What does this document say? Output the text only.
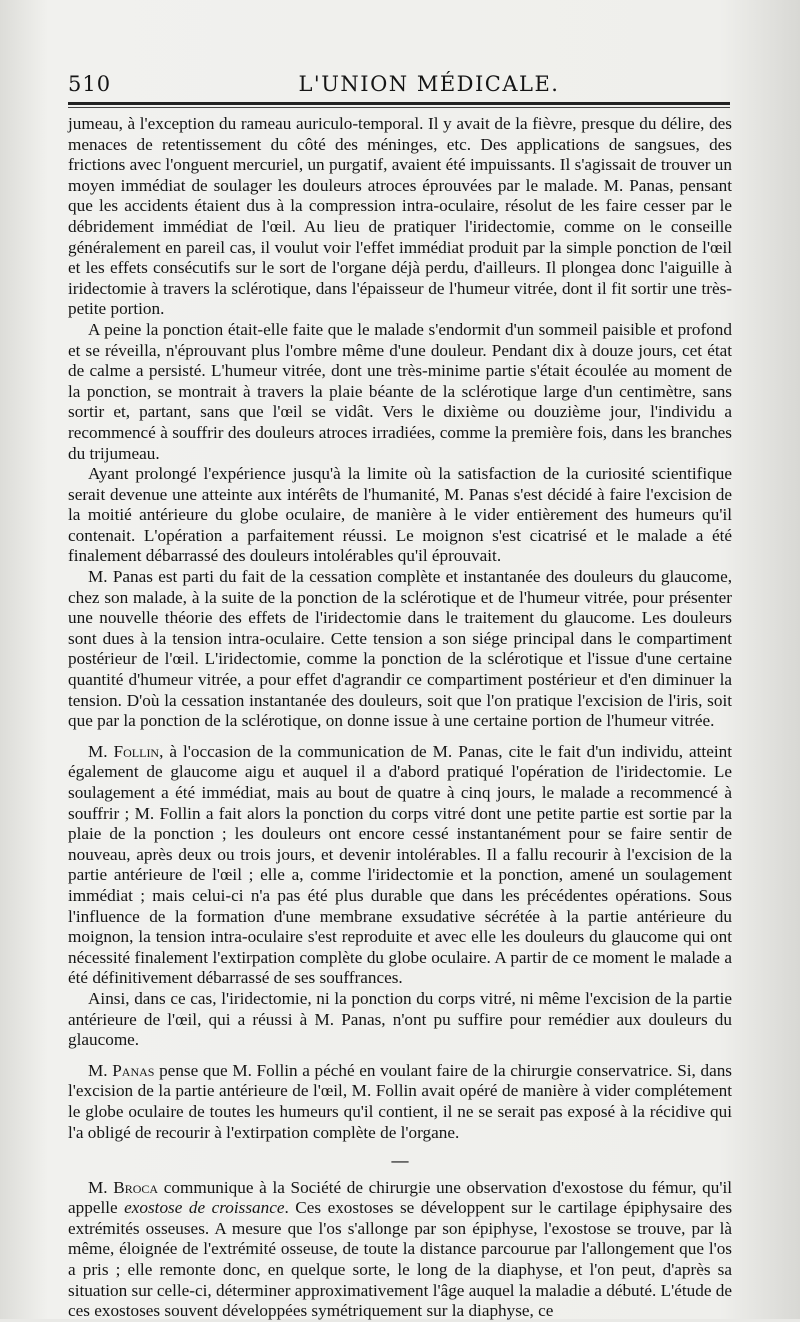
510	L'UNION MÉDICALE.

jumeau, à l'exception du rameau auriculo-temporal. Il y avait de la fièvre, presque du délire, des menaces de retentissement du côté des méninges, etc. Des applications de sangsues, des frictions avec l'onguent mercuriel, un purgatif, avaient été impuissants. Il s'agissait de trouver un moyen immédiat de soulager les douleurs atroces éprouvées par le malade. M. Panas, pensant que les accidents étaient dus à la compression intra-oculaire, résolut de les faire cesser par le débridement immédiat de l'œil. Au lieu de pratiquer l'iridectomie, comme on le conseille généralement en pareil cas, il voulut voir l'effet immédiat produit par la simple ponction de l'œil et les effets consécutifs sur le sort de l'organe déjà perdu, d'ailleurs. Il plongea donc l'aiguille à iridectomie à travers la sclérotique, dans l'épaisseur de l'humeur vitrée, dont il fit sortir une très-petite portion.

A peine la ponction était-elle faite que le malade s'endormit d'un sommeil paisible et profond et se réveilla, n'éprouvant plus l'ombre même d'une douleur. Pendant dix à douze jours, cet état de calme a persisté. L'humeur vitrée, dont une très-minime partie s'était écoulée au moment de la ponction, se montrait à travers la plaie béante de la sclérotique large d'un centimètre, sans sortir et, partant, sans que l'œil se vidât. Vers le dixième ou douzième jour, l'individu a recommencé à souffrir des douleurs atroces irradiées, comme la première fois, dans les branches du trijumeau.

Ayant prolongé l'expérience jusqu'à la limite où la satisfaction de la curiosité scientifique serait devenue une atteinte aux intérêts de l'humanité, M. Panas s'est décidé à faire l'excision de la moitié antérieure du globe oculaire, de manière à le vider entièrement des humeurs qu'il contenait. L'opération a parfaitement réussi. Le moignon s'est cicatrisé et le malade a été finalement débarrassé des douleurs intolérables qu'il éprouvait.

M. Panas est parti du fait de la cessation complète et instantanée des douleurs du glaucome, chez son malade, à la suite de la ponction de la sclérotique et de l'humeur vitrée, pour présenter une nouvelle théorie des effets de l'iridectomie dans le traitement du glaucome. Les douleurs sont dues à la tension intra-oculaire. Cette tension a son siége principal dans le compartiment postérieur de l'œil. L'iridectomie, comme la ponction de la sclérotique et l'issue d'une certaine quantité d'humeur vitrée, a pour effet d'agrandir ce compartiment postérieur et d'en diminuer la tension. D'où la cessation instantanée des douleurs, soit que l'on pratique l'excision de l'iris, soit que par la ponction de la sclérotique, on donne issue à une certaine portion de l'humeur vitrée.

M. Follin, à l'occasion de la communication de M. Panas, cite le fait d'un individu, atteint également de glaucome aigu et auquel il a d'abord pratiqué l'opération de l'iridectomie. Le soulagement a été immédiat, mais au bout de quatre à cinq jours, le malade a recommencé à souffrir ; M. Follin a fait alors la ponction du corps vitré dont une petite partie est sortie par la plaie de la ponction ; les douleurs ont encore cessé instantanément pour se faire sentir de nouveau, après deux ou trois jours, et devenir intolérables. Il a fallu recourir à l'excision de la partie antérieure de l'œil ; elle a, comme l'iridectomie et la ponction, amené un soulagement immédiat ; mais celui-ci n'a pas été plus durable que dans les précédentes opérations. Sous l'influence de la formation d'une membrane exsudative sécrétée à la partie antérieure du moignon, la tension intra-oculaire s'est reproduite et avec elle les douleurs du glaucome qui ont nécessité finalement l'extirpation complète du globe oculaire. A partir de ce moment le malade a été définitivement débarrassé de ses souffrances.

Ainsi, dans ce cas, l'iridectomie, ni la ponction du corps vitré, ni même l'excision de la partie antérieure de l'œil, qui a réussi à M. Panas, n'ont pu suffire pour remédier aux douleurs du glaucome.

M. Panas pense que M. Follin a péché en voulant faire de la chirurgie conservatrice. Si, dans l'excision de la partie antérieure de l'œil, M. Follin avait opéré de manière à vider complétement le globe oculaire de toutes les humeurs qu'il contient, il ne se serait pas exposé à la récidive qui l'a obligé de recourir à l'extirpation complète de l'organe.

—

M. Broca communique à la Société de chirurgie une observation d'exostose du fémur, qu'il appelle exostose de croissance. Ces exostoses se développent sur le cartilage épiphysaire des extrémités osseuses. A mesure que l'os s'allonge par son épiphyse, l'exostose se trouve, par là même, éloignée de l'extrémité osseuse, de toute la distance parcourue par l'allongement que l'os a pris ; elle remonte donc, en quelque sorte, le long de la diaphyse, et l'on peut, d'après sa situation sur celle-ci, déterminer approximativement l'âge auquel la maladie a débuté. L'étude de ces exostoses souvent développées symétriquement sur la diaphyse, ce
